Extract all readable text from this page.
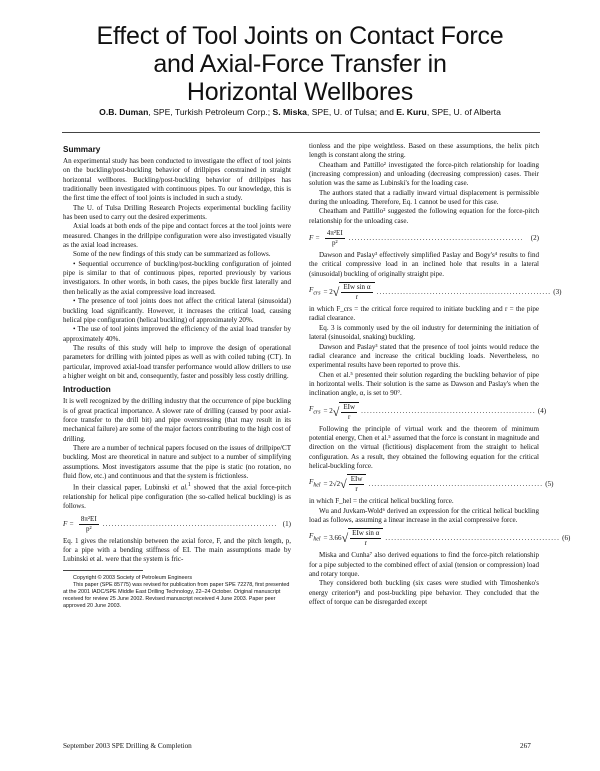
Effect of Tool Joints on Contact Force
and Axial-Force Transfer in
Horizontal Wellbores
O.B. Duman, SPE, Turkish Petroleum Corp.; S. Miska, SPE, U. of Tulsa; and E. Kuru, SPE, U. of Alberta
Summary

An experimental study has been conducted to investigate the effect of tool joints on the buckling/post-buckling behavior of drillpipes constrained in straight horizontal wellbores. Buckling/post-buckling behavior of drillpipes has traditionally been investigated with continuous pipes. To our knowledge, this is the first time the effect of tool joints is included in such a study.

The U. of Tulsa Drilling Research Projects experimental buckling facility has been used to carry out the desired experiments.

Axial loads at both ends of the pipe and contact forces at the tool joints were measured. Changes in the drillpipe configuration were also investigated visually as the axial load increases.

Some of the new findings of this study can be summarized as follows.

• Sequential occurrence of buckling/post-buckling configuration of jointed pipe is similar to that of continuous pipes, reported previously by various investigators. In other words, in both cases, the pipes buckle first laterally and then helically as the axial compressive load increased.

• The presence of tool joints does not affect the critical lateral (sinusoidal) buckling load significantly. However, it increases the critical load, causing helical pipe configuration (helical buckling) of approximately 20%.

• The use of tool joints improved the efficiency of the axial load transfer by approximately 40%.

The results of this study will help to improve the design of operational parameters for drilling with jointed pipes as well as with coiled tubing (CT). In particular, improved axial-load transfer performance would allow drillers to use a higher weight on bit and, consequently, faster and possibly less costly drilling.

Introduction

It is well recognized by the drilling industry that the occurrence of pipe buckling is of great practical importance. A slower rate of drilling (caused by poor axial-force transfer to the drill bit) and pipe overstressing (that may result in its mechanical failure) are some of the major factors contributing to the high cost of drilling.

There are a number of technical papers focused on the issues of drillpipe/CT buckling. Most are theoretical in nature and subject to a number of simplifying assumptions. Most investigators assume that the pipe is static (no rotation, no fluid flow, etc.) and continuous and that the system is frictionless.

In their classical paper, Lubinski et al.$^1$ showed that the axial force-pitch relationship for helical pipe configuration (the so-called helical buckling) is as follows.

$F = \frac{\text{8π²EI}}{\text{p²}}$ ........................................................... (1)

Eq. 1 gives the relationship between the axial force, F, and the pitch length, p, for a pipe with a bending stiffness of EI. The main assumptions made by Lubinski et al. were that the system is fric-

Copyright © 2003 Society of Petroleum Engineers

This paper (SPE 85775) was revised for publication from paper SPE 72278, first presented at the 2001 IADC/SPE Middle East Drilling Technology, 22–24 October. Original manuscript received for review 25 June 2002. Revised manuscript received 4 June 2003. Paper peer approved 20 June 2003.

tionless and the pipe weightless. Based on these assumptions, the helix pitch length is constant along the string.

Cheatham and Pattillo² investigated the force-pitch relationship for loading (increasing compression) and unloading (decreasing compression) cases. Their solution was the same as Lubinski's for the loading case.

The authors stated that a radially inward virtual displacement is permissible during the unloading. Therefore, Eq. 1 cannot be used for this case.

Cheatham and Pattillo² suggested the following equation for the force-pitch relationship for the unloading case.

$F = \frac{\text{4π²EI}}{\text{p²}}$ ...........................................................	(2)

Dawson and Paslay³ effectively simplified Paslay and Bogy's⁴ results to find the critical compressive load in an inclined hole that results in a lateral (sinusoidal) buckling of originally straight pipe.

$F_{crs} = 2$ √ $\frac{\text{EIw sin α}}{r}$ ........................................................... (3)

in which F_crs = the critical force required to initiate buckling and r = the pipe radial clearance.

Eq. 3 is commonly used by the oil industry for determining the initiation of lateral (sinusoidal, snaking) buckling.

Dawson and Paslay³ stated that the presence of tool joints would reduce the radial clearance and increase the critical buckling loads. Nevertheless, no experimental results have been reported to prove this.

Chen et al.⁵ presented their solution regarding the buckling behavior of pipe in horizontal wells. Their solution is the same as Dawson and Paslay's when the inclination angle, α, is set to 90°.

$F_{crs} = 2$ √ $\frac{\text{EIw}}{r}$ ........................................................... (4)

Following the principle of virtual work and the theorem of minimum potential energy, Chen et al.⁵ assumed that the force is constant in magnitude and direction on the virtual (fictitious) displacement from the straight to helical configuration. As a result, they obtained the following equation for the critical helical-buckling force.

$F_{hel} = 2√2$ √ $\frac{\text{EIw}}{r}$ ........................................................... (5)

in which F_hel = the critical helical buckling force.

Wu and Juvkam-Wold⁶ derived an expression for the critical helical buckling load as follows, assuming a linear increase in the axial compressive force.

$F_{hel} = 3.66$ √ $\frac{\text{EIw sin α}}{r}$ ........................................................... (6)

Miska and Cunha⁷ also derived equations to find the force-pitch relationship for a pipe subjected to the combined effect of axial (tension or compression) load and rotary torque.

They considered both buckling (six cases were studied with Timoshenko's energy criterion⁸) and post-buckling pipe behavior. They concluded that the effect of torque can be disregarded except

September 2003 SPE Drilling & Completion	267
